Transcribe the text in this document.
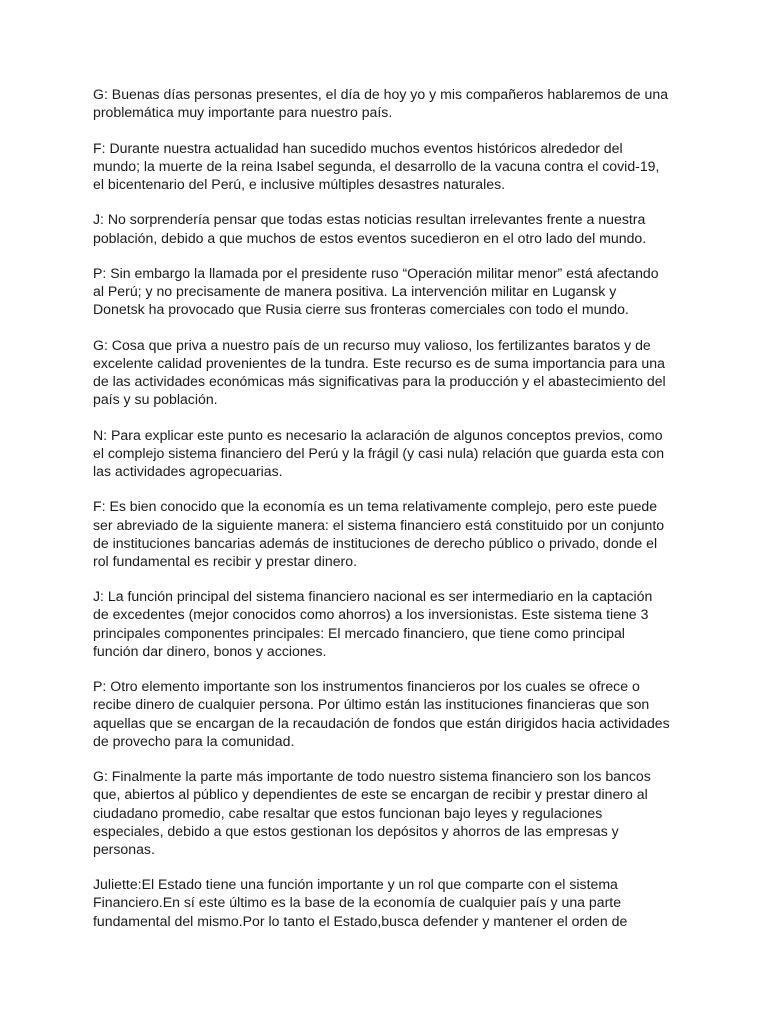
G: Buenas días personas presentes, el día de hoy yo y mis compañeros hablaremos de una
problemática muy importante para nuestro país.

F: Durante nuestra actualidad han sucedido muchos eventos históricos alrededor del
mundo; la muerte de la reina Isabel segunda, el desarrollo de la vacuna contra el covid-19,
el bicentenario del Perú, e inclusive múltiples desastres naturales.

J: No sorprendería pensar que todas estas noticias resultan irrelevantes frente a nuestra
población, debido a que muchos de estos eventos sucedieron en el otro lado del mundo.

P: Sin embargo la llamada por el presidente ruso “Operación militar menor” está afectando
al Perú; y no precisamente de manera positiva. La intervención militar en Lugansk y
Donetsk ha provocado que Rusia cierre sus fronteras comerciales con todo el mundo.

G: Cosa que priva a nuestro país de un recurso muy valioso, los fertilizantes baratos y de
excelente calidad provenientes de la tundra. Este recurso es de suma importancia para una
de las actividades económicas más significativas para la producción y el abastecimiento del
país y su población.

N: Para explicar este punto es necesario la aclaración de algunos conceptos previos, como
el complejo sistema financiero del Perú y la frágil (y casi nula) relación que guarda esta con
las actividades agropecuarias.

F: Es bien conocido que la economía es un tema relativamente complejo, pero este puede
ser abreviado de la siguiente manera: el sistema financiero está constituido por un conjunto
de instituciones bancarias además de instituciones de derecho público o privado, donde el
rol fundamental es recibir y prestar dinero.

J: La función principal del sistema financiero nacional es ser intermediario en la captación
de excedentes (mejor conocidos como ahorros) a los inversionistas. Este sistema tiene 3
principales componentes principales: El mercado financiero, que tiene como principal
función dar dinero, bonos y acciones.

P: Otro elemento importante son los instrumentos financieros por los cuales se ofrece o
recibe dinero de cualquier persona. Por último están las instituciones financieras que son
aquellas que se encargan de la recaudación de fondos que están dirigidos hacia actividades
de provecho para la comunidad.

G: Finalmente la parte más importante de todo nuestro sistema financiero son los bancos
que, abiertos al público y dependientes de este se encargan de recibir y prestar dinero al
ciudadano promedio, cabe resaltar que estos funcionan bajo leyes y regulaciones
especiales, debido a que estos gestionan los depósitos y ahorros de las empresas y
personas.

Juliette:El Estado tiene una función importante y un rol que comparte con el sistema
Financiero.En sí este último es la base de la economía de cualquier país y una parte
fundamental del mismo.Por lo tanto el Estado,busca defender y mantener el orden de
